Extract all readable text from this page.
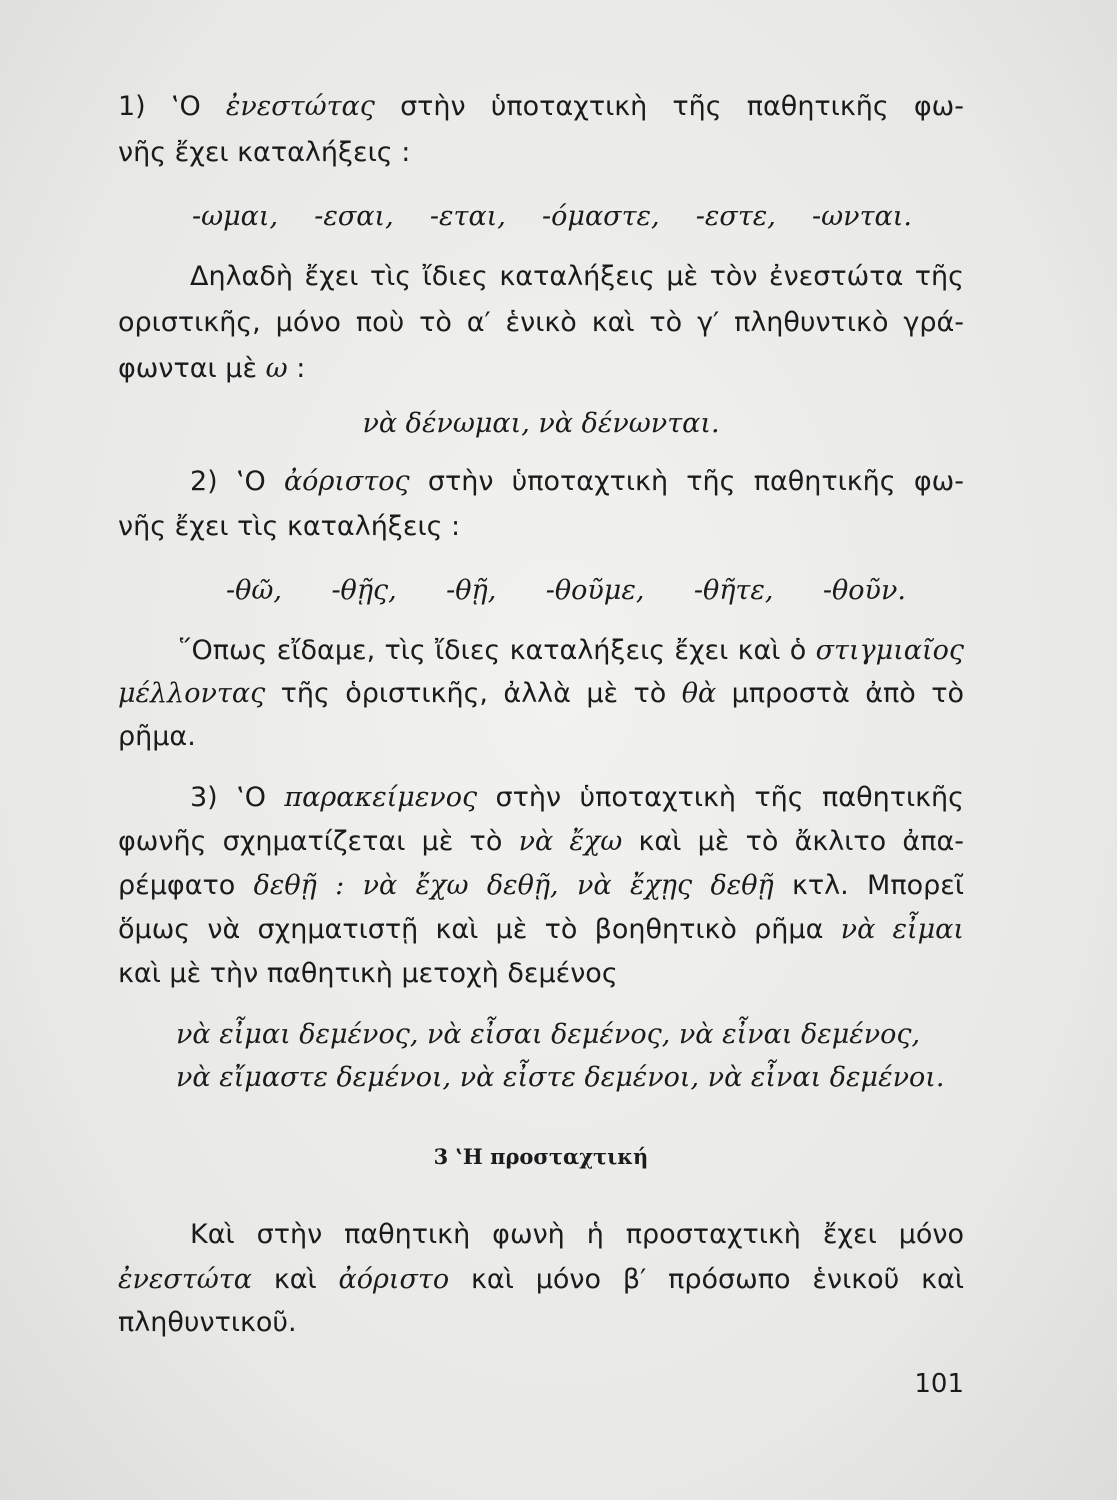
1) ‛Ο ἐνεστώτας στὴν ὑποταχτικὴ τῆς παθητικῆς φω-
νῆς ἔχει καταλήξεις :
-ωμαι, -εσαι, -εται, -όμαστε, -εστε, -ωνται.
Δηλαδὴ ἔχει τὶς ἴδιες καταλήξεις μὲ τὸν ἐνεστώτα τῆς
οριστικῆς, μόνο ποὺ τὸ α′ ἑνικὸ καὶ τὸ γ′ πληθυντικὸ γρά-
φωνται μὲ ω :
νὰ δένωμαι, νὰ δένωνται.
2) ‛Ο ἀόριστος στὴν ὑποταχτικὴ τῆς παθητικῆς φω-
νῆς ἔχει τὶς καταλήξεις :
-θῶ, -θῇς, -θῇ, -θοῦμε, -θῆτε, -θοῦν.
῞Οπως εἴδαμε, τὶς ἴδιες καταλήξεις ἔχει καὶ ὁ στιγμιαῖος
μέλλοντας τῆς ὁριστικῆς, ἀλλὰ μὲ τὸ θὰ μπροστὰ ἀπὸ τὸ
ρῆμα.
3) ‛Ο παρακείμενος στὴν ὑποταχτικὴ τῆς παθητικῆς
φωνῆς σχηματίζεται μὲ τὸ νὰ ἔχω καὶ μὲ τὸ ἄκλιτο ἀπα-
ρέμφατο δεθῇ : νὰ ἔχω δεθῇ, νὰ ἔχῃς δεθῇ κτλ. Μπορεῖ
ὅμως νὰ σχηματιστῇ καὶ μὲ τὸ βοηθητικὸ ρῆμα νὰ εἶμαι
καὶ μὲ τὴν παθητικὴ μετοχὴ δεμένος
νὰ εἶμαι δεμένος, νὰ εἶσαι δεμένος, νὰ εἶναι δεμένος,
νὰ εἴμαστε δεμένοι, νὰ εἶστε δεμένοι, νὰ εἶναι δεμένοι.
3 ‛Η προσταχτική
Καὶ στὴν παθητικὴ φωνὴ ἡ προσταχτικὴ ἔχει μόνο
ἐνεστώτα καὶ ἀόριστο καὶ μόνο β′ πρόσωπο ἑνικοῦ καὶ
πληθυντικοῦ.
101
